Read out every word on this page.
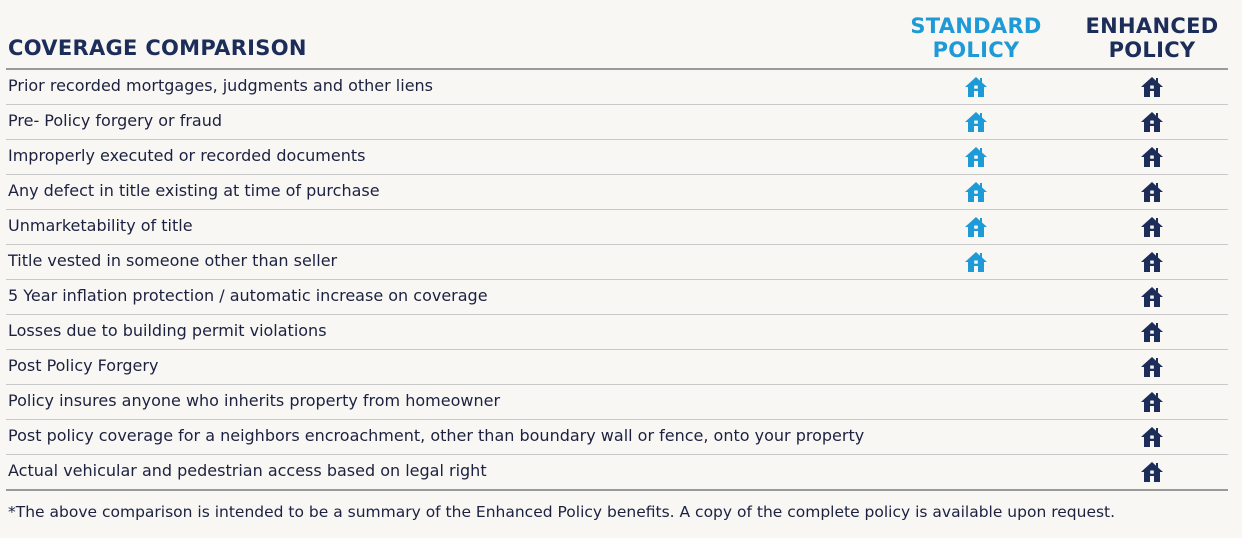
COVERAGE COMPARISON
STANDARD
POLICY
ENHANCED
POLICY
Prior recorded mortgages, judgments and other liens
Pre- Policy forgery or fraud
Improperly executed or recorded documents
Any defect in title existing at time of purchase
Unmarketability of title
Title vested in someone other than seller
5 Year inflation protection / automatic increase on coverage
Losses due to building permit violations
Post Policy Forgery
Policy insures anyone who inherits property from homeowner
Post policy coverage for a neighbors encroachment, other than boundary wall or fence, onto your property
Actual vehicular and pedestrian access based on legal right
*The above comparison is intended to be a summary of the Enhanced Policy benefits. A copy of the complete policy is available upon request.
